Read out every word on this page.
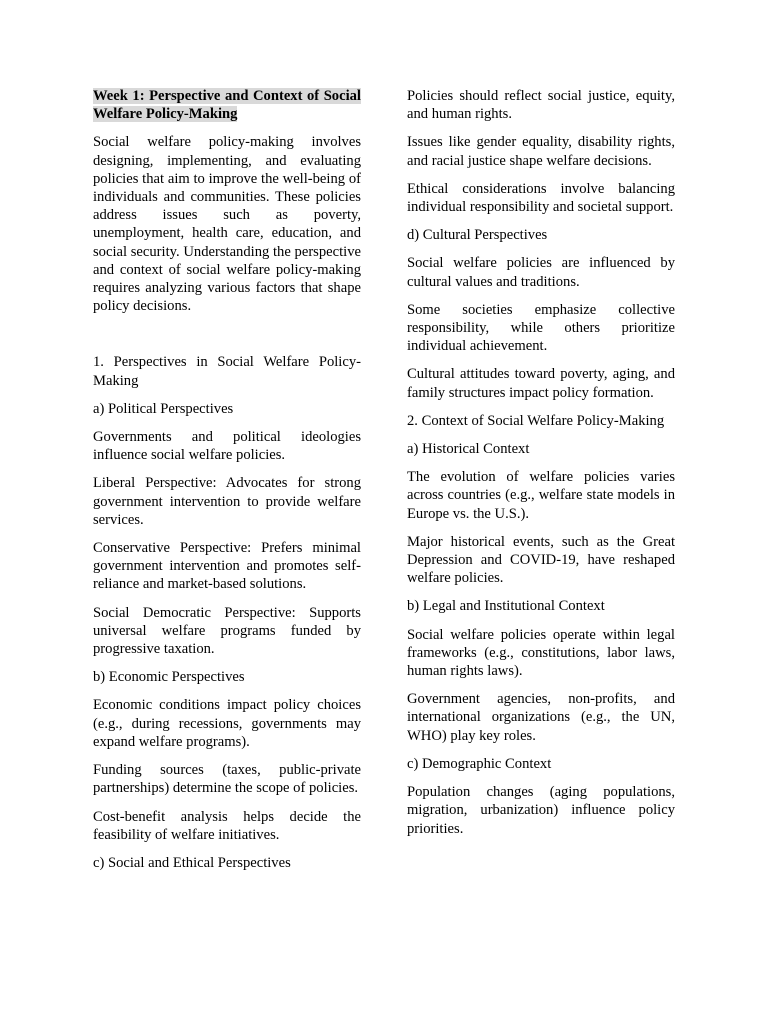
Week 1: Perspective and Context of Social Welfare Policy-Making

Social welfare policy-making involves designing, implementing, and evaluating policies that aim to improve the well-being of individuals and communities. These policies address issues such as poverty, unemployment, health care, education, and social security. Understanding the perspective and context of social welfare policy-making requires analyzing various factors that shape policy decisions.

1. Perspectives in Social Welfare Policy-Making

a) Political Perspectives

Governments and political ideologies influence social welfare policies.

Liberal Perspective: Advocates for strong government intervention to provide welfare services.

Conservative Perspective: Prefers minimal government intervention and promotes self-reliance and market-based solutions.

Social Democratic Perspective: Supports universal welfare programs funded by progressive taxation.

b) Economic Perspectives

Economic conditions impact policy choices (e.g., during recessions, governments may expand welfare programs).

Funding sources (taxes, public-private partnerships) determine the scope of policies.

Cost-benefit analysis helps decide the feasibility of welfare initiatives.

c) Social and Ethical Perspectives

Policies should reflect social justice, equity, and human rights.

Issues like gender equality, disability rights, and racial justice shape welfare decisions.

Ethical considerations involve balancing individual responsibility and societal support.

d) Cultural Perspectives

Social welfare policies are influenced by cultural values and traditions.

Some societies emphasize collective responsibility, while others prioritize individual achievement.

Cultural attitudes toward poverty, aging, and family structures impact policy formation.

2. Context of Social Welfare Policy-Making

a) Historical Context

The evolution of welfare policies varies across countries (e.g., welfare state models in Europe vs. the U.S.).

Major historical events, such as the Great Depression and COVID-19, have reshaped welfare policies.

b) Legal and Institutional Context

Social welfare policies operate within legal frameworks (e.g., constitutions, labor laws, human rights laws).

Government agencies, non-profits, and international organizations (e.g., the UN, WHO) play key roles.

c) Demographic Context

Population changes (aging populations, migration, urbanization) influence policy priorities.
